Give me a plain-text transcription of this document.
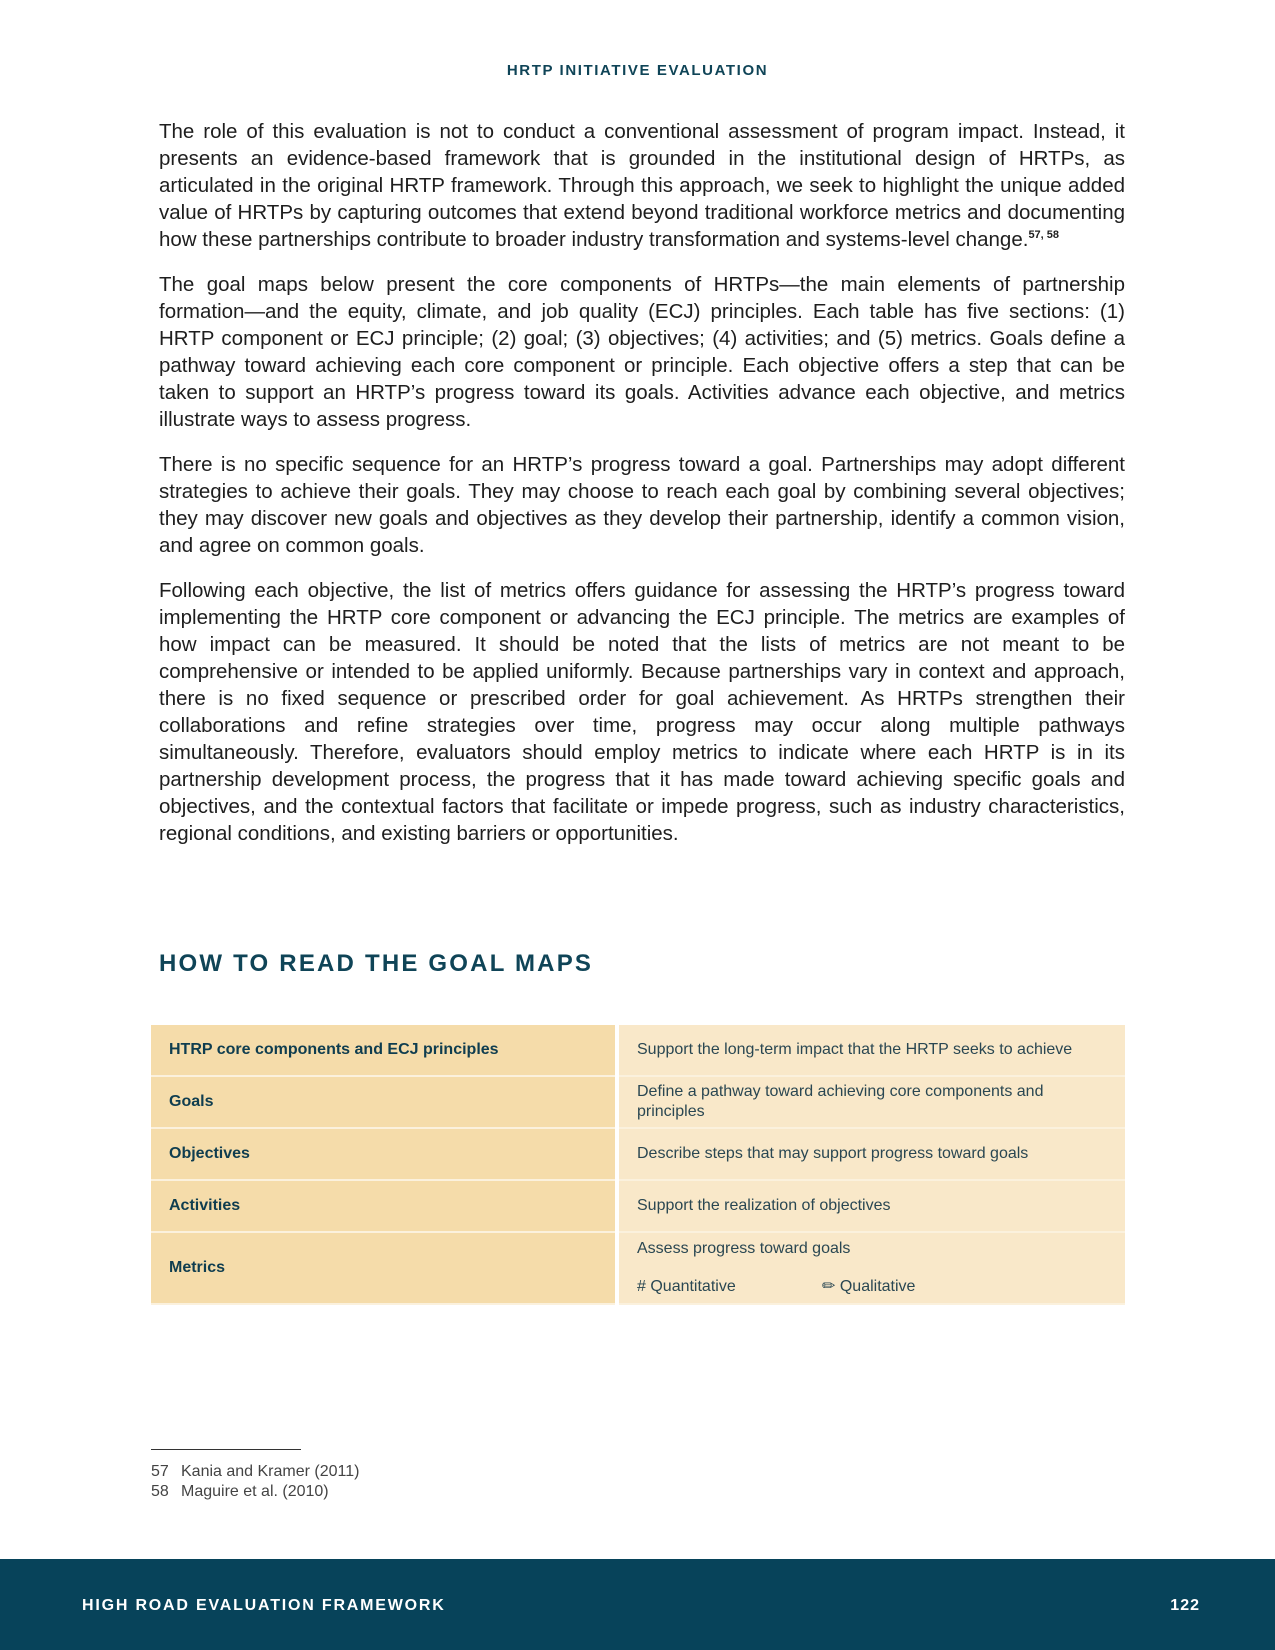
HRTP INITIATIVE EVALUATION

The role of this evaluation is not to conduct a conventional assessment of program impact. Instead, it presents an evidence-based framework that is grounded in the institutional design of HRTPs, as articulated in the original HRTP framework. Through this approach, we seek to highlight the unique added value of HRTPs by capturing outcomes that extend beyond traditional workforce metrics and documenting how these partnerships contribute to broader industry transformation and systems-level change.$^{57, 58}$

The goal maps below present the core components of HRTPs—the main elements of partnership formation—and the equity, climate, and job quality (ECJ) principles. Each table has five sections: (1) HRTP component or ECJ principle; (2) goal; (3) objectives; (4) activities; and (5) metrics. Goals define a pathway toward achieving each core component or principle. Each objective offers a step that can be taken to support an HRTP’s progress toward its goals. Activities advance each objective, and metrics illustrate ways to assess progress.

There is no specific sequence for an HRTP’s progress toward a goal. Partnerships may adopt different strategies to achieve their goals. They may choose to reach each goal by combining several objectives; they may discover new goals and objectives as they develop their partnership, identify a common vision, and agree on common goals.

Following each objective, the list of metrics offers guidance for assessing the HRTP’s progress toward implementing the HRTP core component or advancing the ECJ principle. The metrics are examples of how impact can be measured. It should be noted that the lists of metrics are not meant to be comprehensive or intended to be applied uniformly. Because partnerships vary in context and approach, there is no fixed sequence or prescribed order for goal achievement. As HRTPs strengthen their collaborations and refine strategies over time, progress may occur along multiple pathways simultaneously. Therefore, evaluators should employ metrics to indicate where each HRTP is in its partnership development process, the progress that it has made toward achieving specific goals and objectives, and the contextual factors that facilitate or impede progress, such as industry characteristics, regional conditions, and existing barriers or opportunities.

HOW TO READ THE GOAL MAPS
HTRP core components and ECJ principles	Support the long-term impact that the HRTP seeks to achieve
Goals	Define a pathway toward achieving core components and principles
Objectives	Describe steps that may support progress toward goals
Activities	Support the realization of objectives
Metrics	Assess progress toward goals
# Quantitative ✏ Qualitative
57 Kania and Kramer (2011)
58 Maguire et al. (2010)
HIGH ROAD EVALUATION FRAMEWORK	122
